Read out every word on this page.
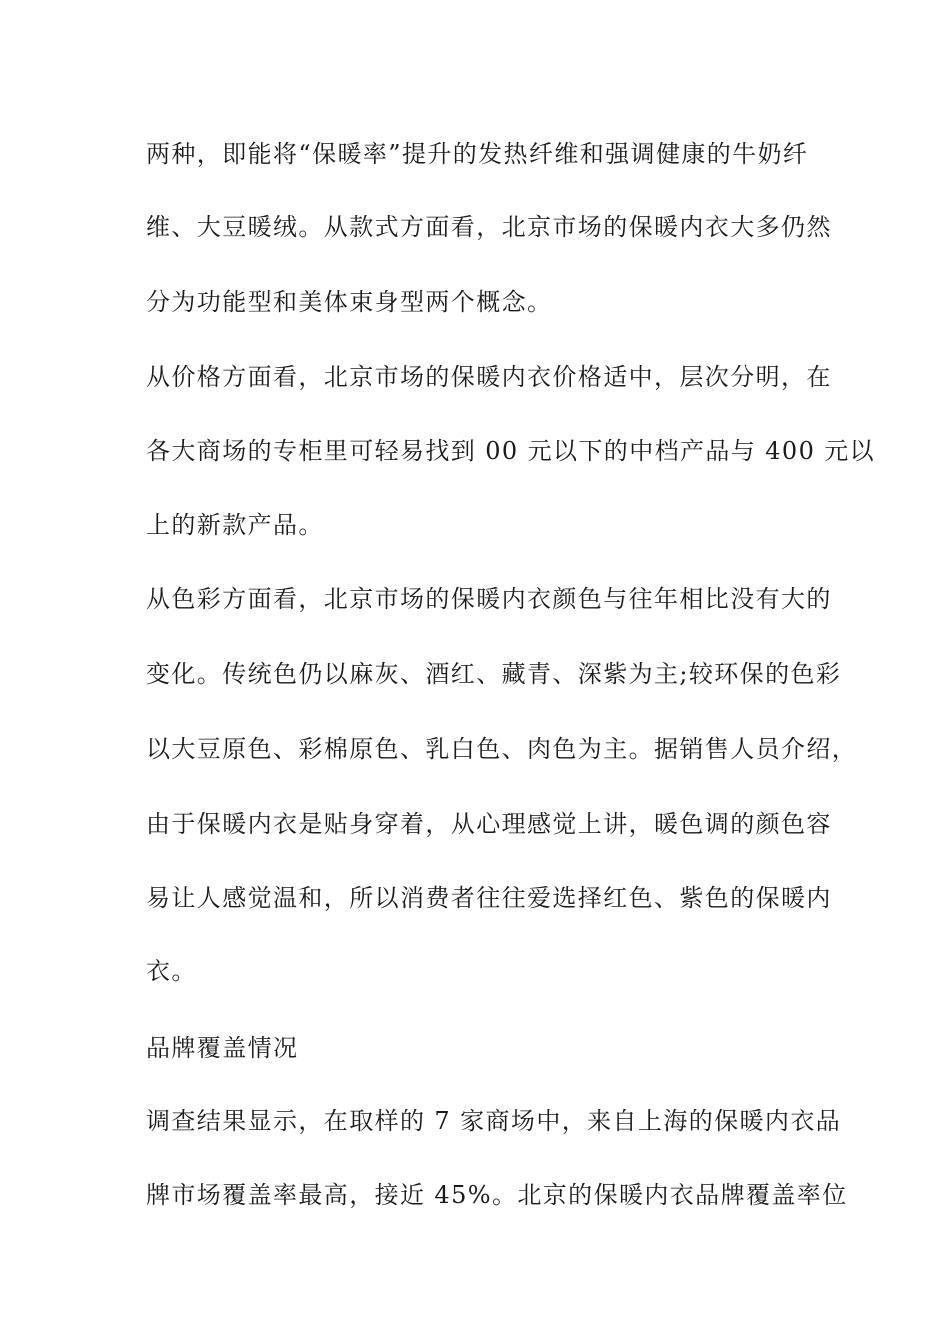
两种，即能将“保暖率”提升的发热纤维和强调健康的牛奶纤
维、大豆暖绒。从款式方面看，北京市场的保暖内衣大多仍然
分为功能型和美体束身型两个概念。
从价格方面看，北京市场的保暖内衣价格适中，层次分明，在
各大商场的专柜里可轻易找到 00 元以下的中档产品与 400 元以
上的新款产品。
从色彩方面看，北京市场的保暖内衣颜色与往年相比没有大的
变化。传统色仍以麻灰、酒红、藏青、深紫为主;较环保的色彩
以大豆原色、彩棉原色、乳白色、肉色为主。据销售人员介绍，
由于保暖内衣是贴身穿着，从心理感觉上讲，暖色调的颜色容
易让人感觉温和，所以消费者往往爱选择红色、紫色的保暖内
衣。
品牌覆盖情况
调查结果显示，在取样的 7 家商场中，来自上海的保暖内衣品
牌市场覆盖率最高，接近 45%。北京的保暖内衣品牌覆盖率位
